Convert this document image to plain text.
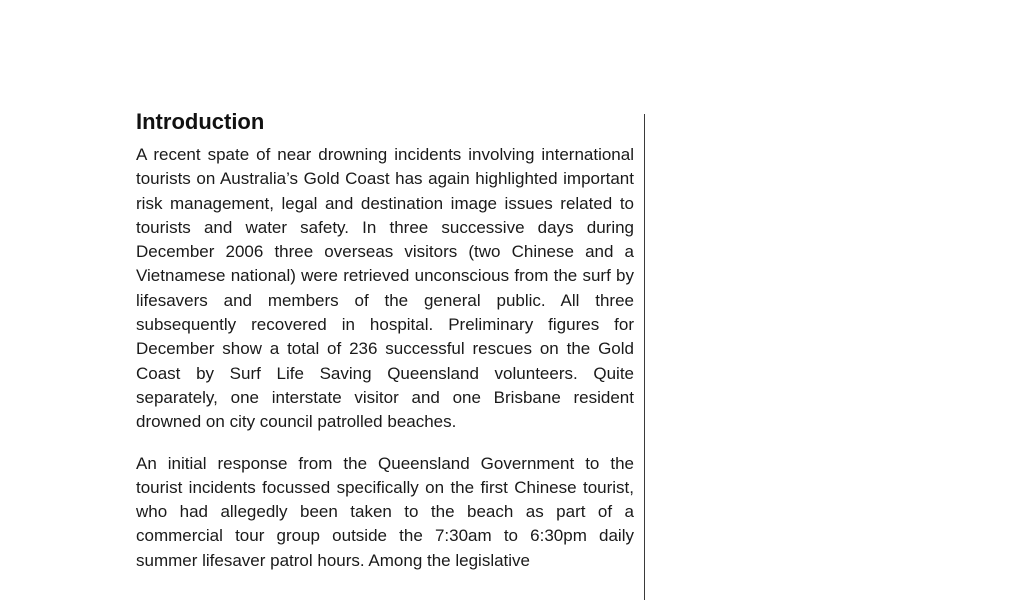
Introduction

A recent spate of near drowning incidents involving international tourists on Australia’s Gold Coast has again highlighted important risk management, legal and destination image issues related to tourists and water safety. In three successive days during December 2006 three overseas visitors (two Chinese and a Vietnamese national) were retrieved unconscious from the surf by lifesavers and members of the general public. All three subsequently recovered in hospital. Preliminary figures for December show a total of 236 successful rescues on the Gold Coast by Surf Life Saving Queensland volunteers. Quite separately, one interstate visitor and one Brisbane resident drowned on city council patrolled beaches.

An initial response from the Queensland Government to the tourist incidents focussed specifically on the first Chinese tourist, who had allegedly been taken to the beach as part of a commercial tour group outside the 7:30am to 6:30pm daily summer lifesaver patrol hours. Among the legislative
